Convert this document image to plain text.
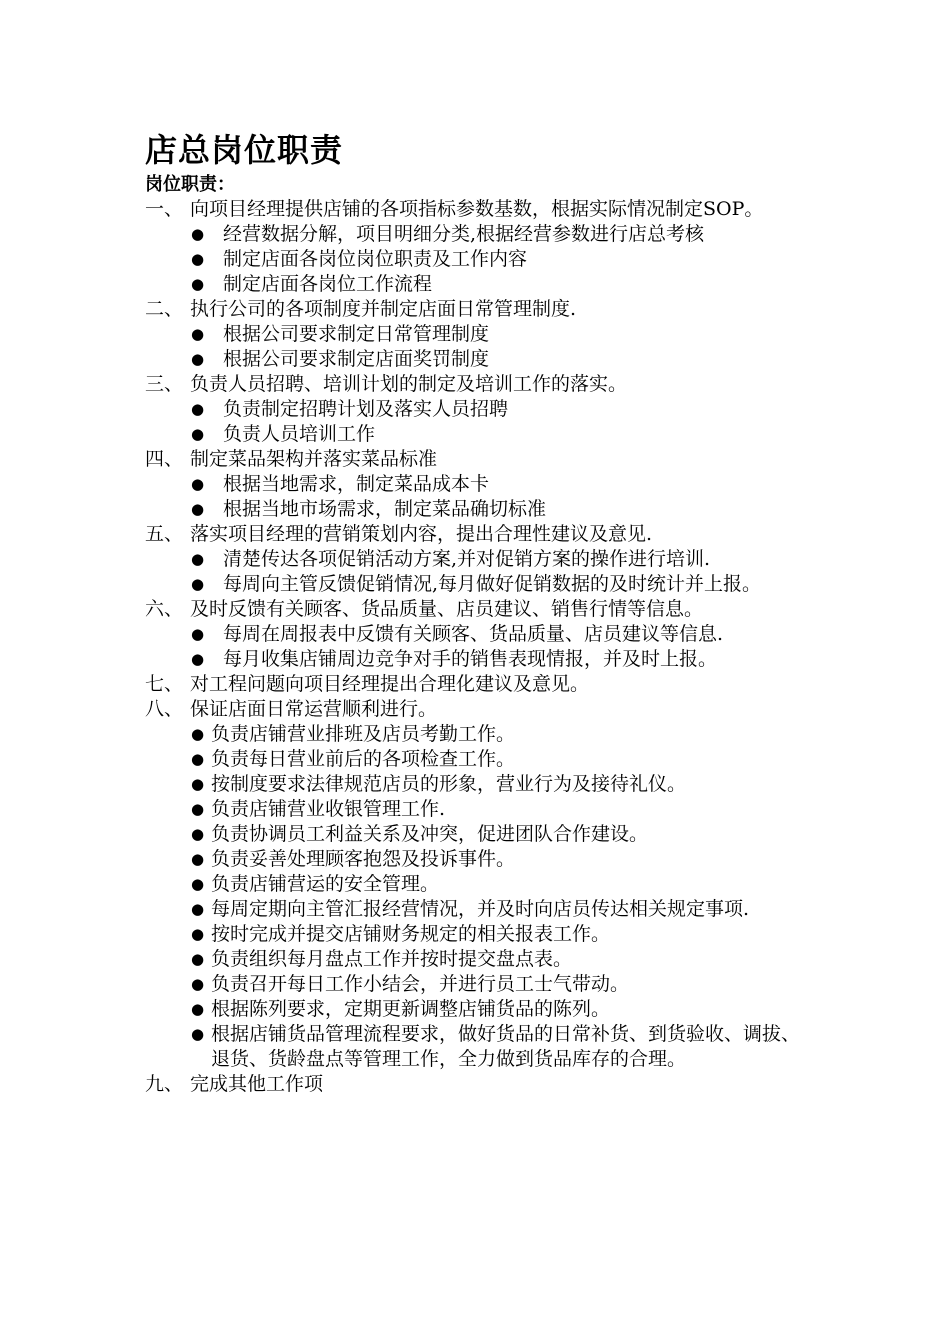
店总岗位职责
岗位职责：
一、 向项目经理提供店铺的各项指标参数基数，根据实际情况制定SOP。
● 经营数据分解，项目明细分类,根据经营参数进行店总考核
● 制定店面各岗位岗位职责及工作内容
● 制定店面各岗位工作流程
二、 执行公司的各项制度并制定店面日常管理制度.
● 根据公司要求制定日常管理制度
● 根据公司要求制定店面奖罚制度
三、 负责人员招聘、培训计划的制定及培训工作的落实。
● 负责制定招聘计划及落实人员招聘
● 负责人员培训工作
四、 制定菜品架构并落实菜品标准
● 根据当地需求，制定菜品成本卡
● 根据当地市场需求，制定菜品确切标准
五、 落实项目经理的营销策划内容，提出合理性建议及意见.
● 清楚传达各项促销活动方案,并对促销方案的操作进行培训.
● 每周向主管反馈促销情况,每月做好促销数据的及时统计并上报。
六、 及时反馈有关顾客、货品质量、店员建议、销售行情等信息。
● 每周在周报表中反馈有关顾客、货品质量、店员建议等信息.
● 每月收集店铺周边竞争对手的销售表现情报，并及时上报。
七、 对工程问题向项目经理提出合理化建议及意见。
八、 保证店面日常运营顺利进行。
● 负责店铺营业排班及店员考勤工作。
● 负责每日营业前后的各项检查工作。
● 按制度要求法律规范店员的形象，营业行为及接待礼仪。
● 负责店铺营业收银管理工作.
● 负责协调员工利益关系及冲突，促进团队合作建设。
● 负责妥善处理顾客抱怨及投诉事件。
● 负责店铺营运的安全管理。
● 每周定期向主管汇报经营情况，并及时向店员传达相关规定事项.
● 按时完成并提交店铺财务规定的相关报表工作。
● 负责组织每月盘点工作并按时提交盘点表。
● 负责召开每日工作小结会，并进行员工士气带动。
● 根据陈列要求，定期更新调整店铺货品的陈列。
● 根据店铺货品管理流程要求，做好货品的日常补货、到货验收、调拔、退货、货龄盘点等管理工作，全力做到货品库存的合理。
九、 完成其他工作项
